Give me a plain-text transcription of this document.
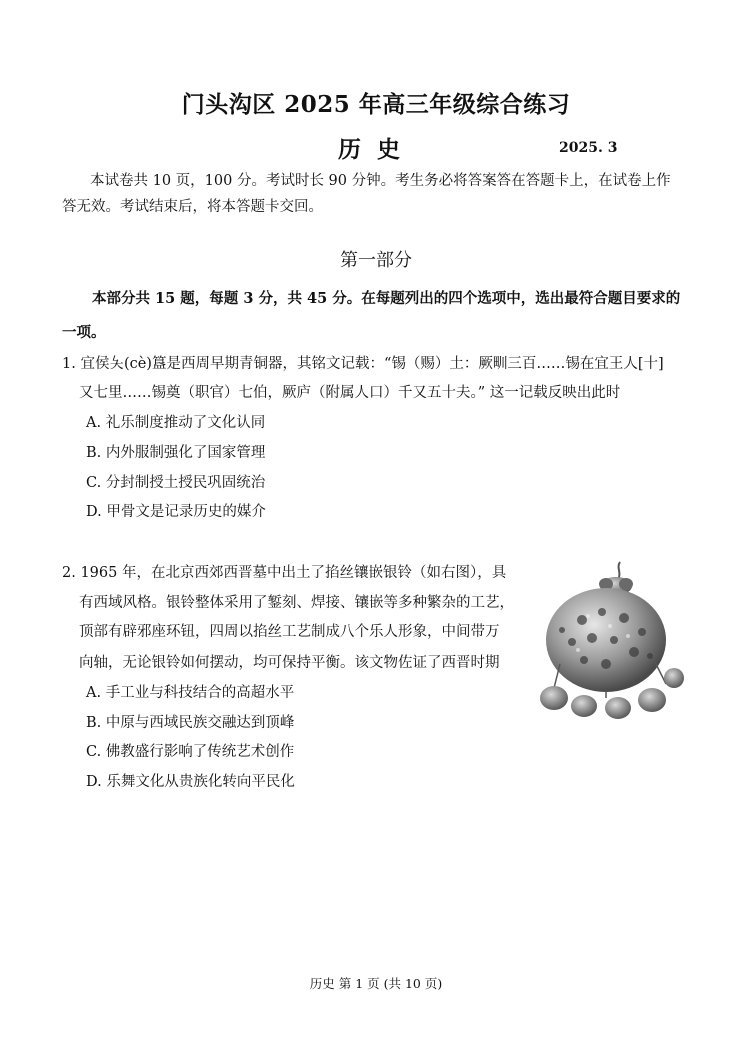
门头沟区 2025 年高三年级综合练习
历 史	2025. 3
本试卷共 10 页，100 分。考试时长 90 分钟。考生务必将答案答在答题卡上，在试卷上作
答无效。考试结束后，将本答题卡交回。
第一部分
本部分共 15 题，每题 3 分，共 45 分。在每题列出的四个选项中，选出最符合题目要求的
一项。
1. 宜侯夨(cè)簋是西周早期青铜器，其铭文记载：“锡（赐）土：厥甽三百……锡在宜王人[十]
又七里……锡奠（职官）七伯，厥庐（附属人口）千又五十夫。” 这一记载反映出此时
A. 礼乐制度推动了文化认同
B. 内外服制强化了国家管理
C. 分封制授土授民巩固统治
D. 甲骨文是记录历史的媒介
2. 1965 年，在北京西郊西晋墓中出土了掐丝镶嵌银铃（如右图），具
有西域风格。银铃整体采用了錾刻、焊接、镶嵌等多种繁杂的工艺，
顶部有辟邪座环钮，四周以掐丝工艺制成八个乐人形象，中间带万
向轴，无论银铃如何摆动，均可保持平衡。该文物佐证了西晋时期
A. 手工业与科技结合的高超水平
B. 中原与西域民族交融达到顶峰
C. 佛教盛行影响了传统艺术创作
D. 乐舞文化从贵族化转向平民化
历史 第 1 页 (共 10 页)
